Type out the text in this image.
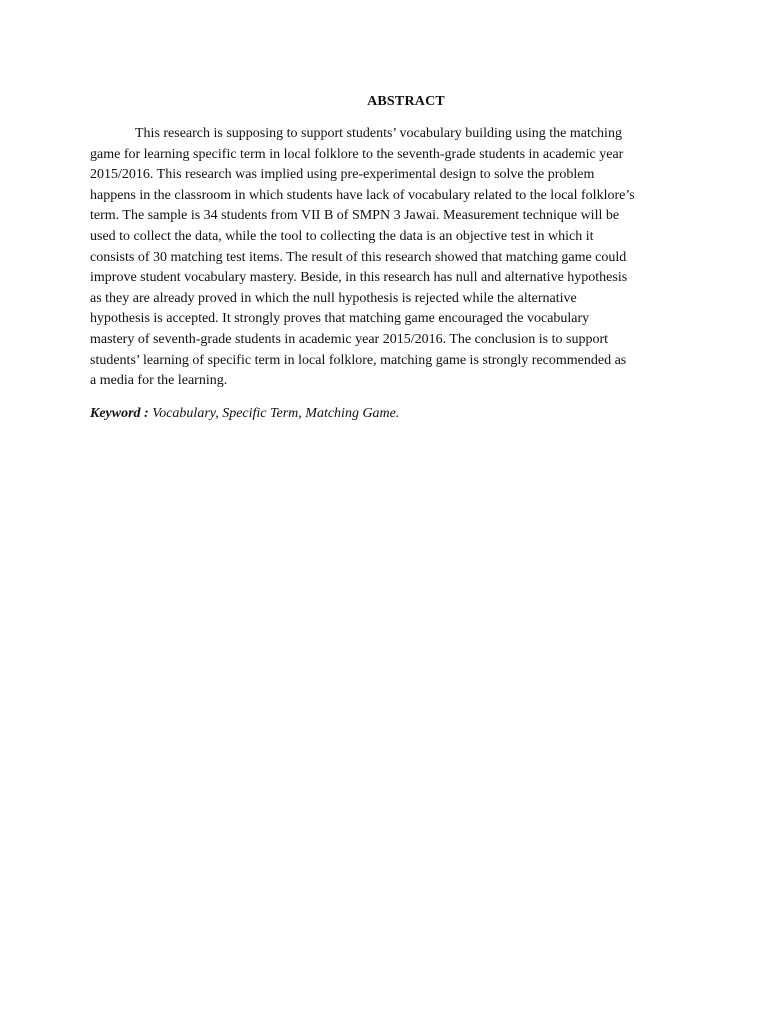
ABSTRACT
This research is supposing to support students’ vocabulary building using the matching
game for learning specific term in local folklore to the seventh-grade students in academic year
2015/2016. This research was implied using pre-experimental design to solve the problem
happens in the classroom in which students have lack of vocabulary related to the local folklore’s
term. The sample is 34 students from VII B of SMPN 3 Jawai. Measurement technique will be
used to collect the data, while the tool to collecting the data is an objective test in which it
consists of 30 matching test items. The result of this research showed that matching game could
improve student vocabulary mastery. Beside, in this research has null and alternative hypothesis
as they are already proved in which the null hypothesis is rejected while the alternative
hypothesis is accepted. It strongly proves that matching game encouraged the vocabulary
mastery of seventh-grade students in academic year 2015/2016. The conclusion is to support
students’ learning of specific term in local folklore, matching game is strongly recommended as
a media for the learning.
Keyword : Vocabulary, Specific Term, Matching Game.
